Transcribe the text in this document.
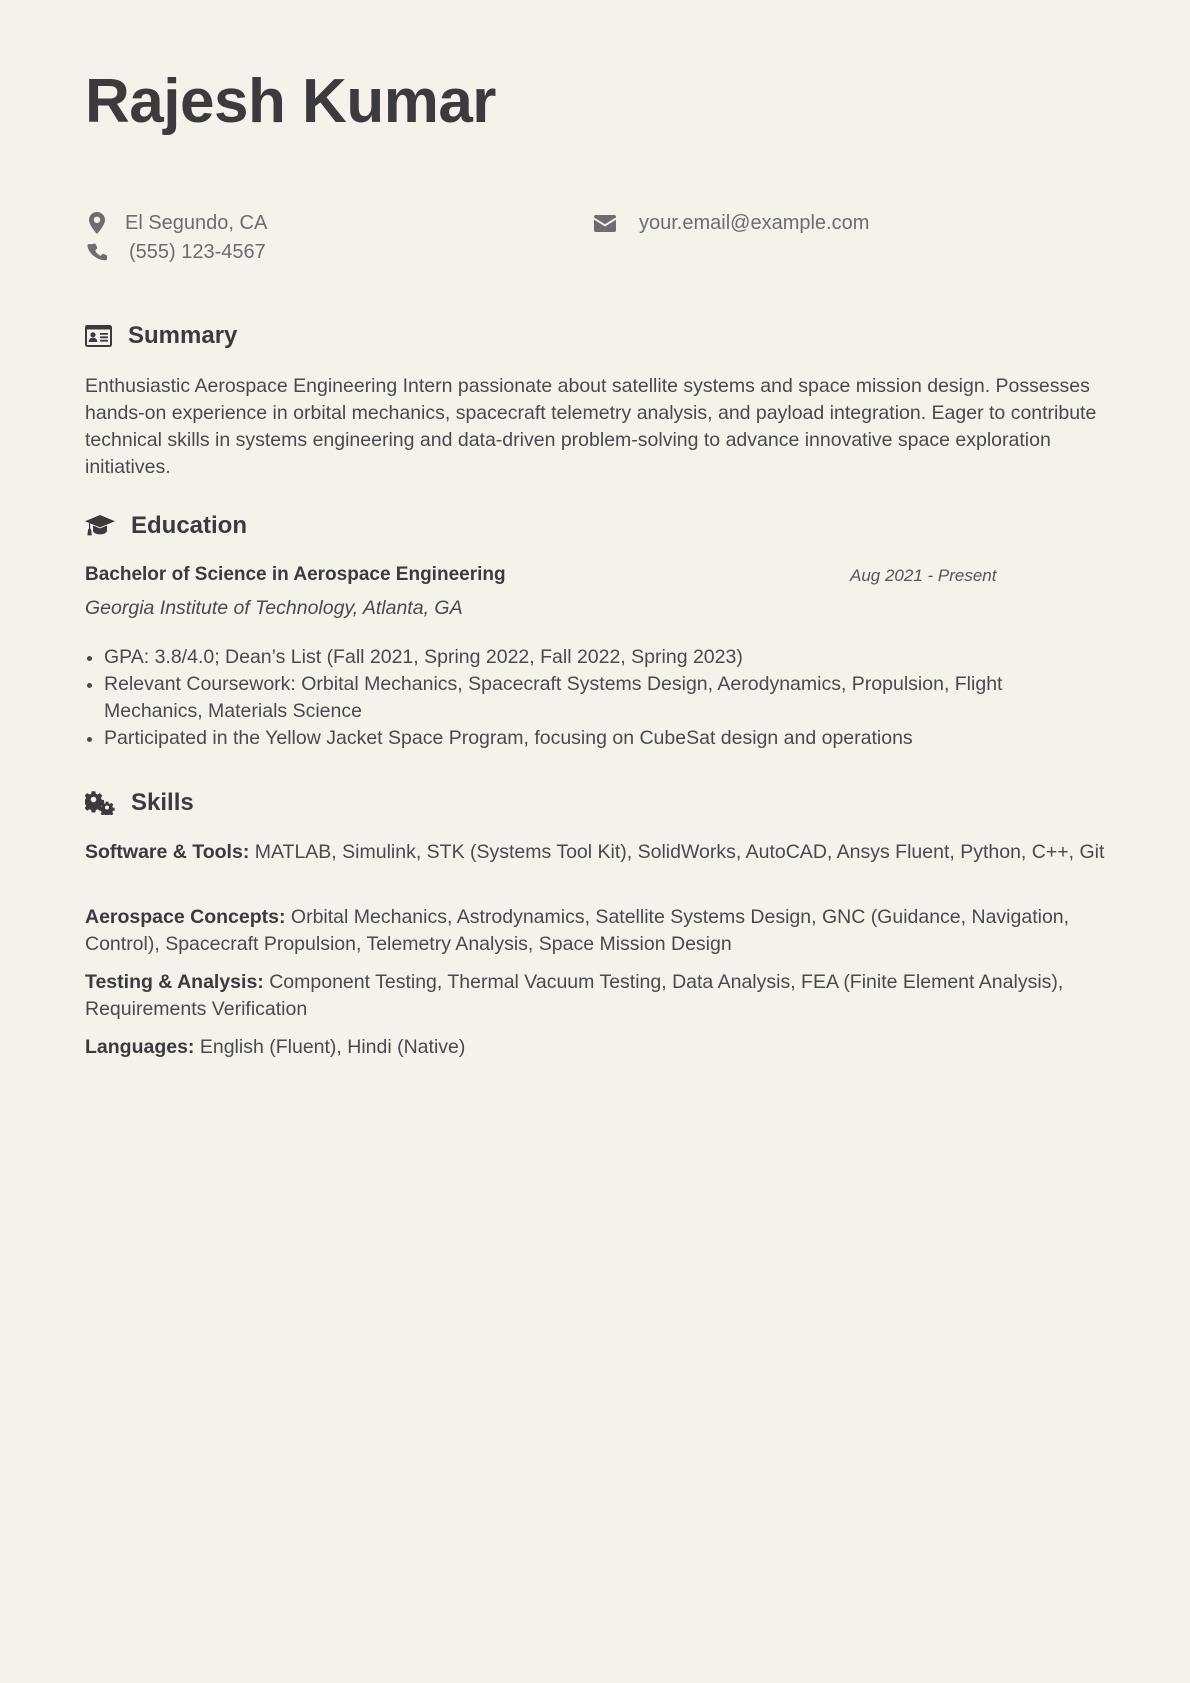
Rajesh Kumar
El Segundo, CA	your.email@example.com
(555) 123-4567
Summary

Enthusiastic Aerospace Engineering Intern passionate about satellite systems and space mission design. Possesses hands-on experience in orbital mechanics, spacecraft telemetry analysis, and payload integration. Eager to contribute technical skills in systems engineering and data-driven problem-solving to advance innovative space exploration initiatives.

Education
Bachelor of Science in Aerospace Engineering	Aug 2021 - Present
Georgia Institute of Technology, Atlanta, GA
GPA: 3.8/4.0; Dean’s List (Fall 2021, Spring 2022, Fall 2022, Spring 2023)
Relevant Coursework: Orbital Mechanics, Spacecraft Systems Design, Aerodynamics, Propulsion, Flight Mechanics, Materials Science
Participated in the Yellow Jacket Space Program, focusing on CubeSat design and operations
Skills

Software & Tools: MATLAB, Simulink, STK (Systems Tool Kit), SolidWorks, AutoCAD, Ansys Fluent, Python, C++, Git

Aerospace Concepts: Orbital Mechanics, Astrodynamics, Satellite Systems Design, GNC (Guidance, Navigation, Control), Spacecraft Propulsion, Telemetry Analysis, Space Mission Design

Testing & Analysis: Component Testing, Thermal Vacuum Testing, Data Analysis, FEA (Finite Element Analysis), Requirements Verification

Languages: English (Fluent), Hindi (Native)
